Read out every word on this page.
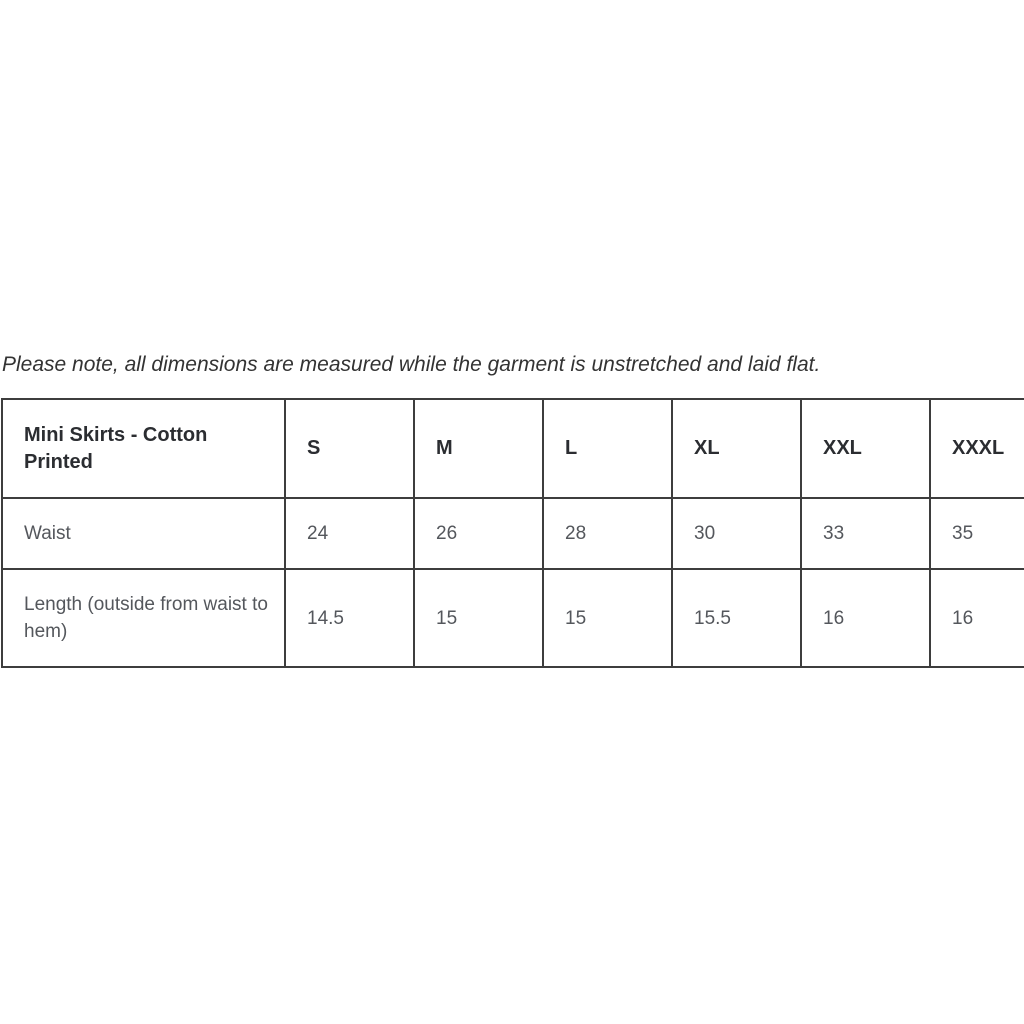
Please note, all dimensions are measured while the garment is unstretched and laid flat.

Mini Skirts - Cotton Printed	S	M	L	XL	XXL	XXXL
Waist	24	26	28	30	33	35
Length (outside from waist to hem)	14.5	15	15	15.5	16	16
